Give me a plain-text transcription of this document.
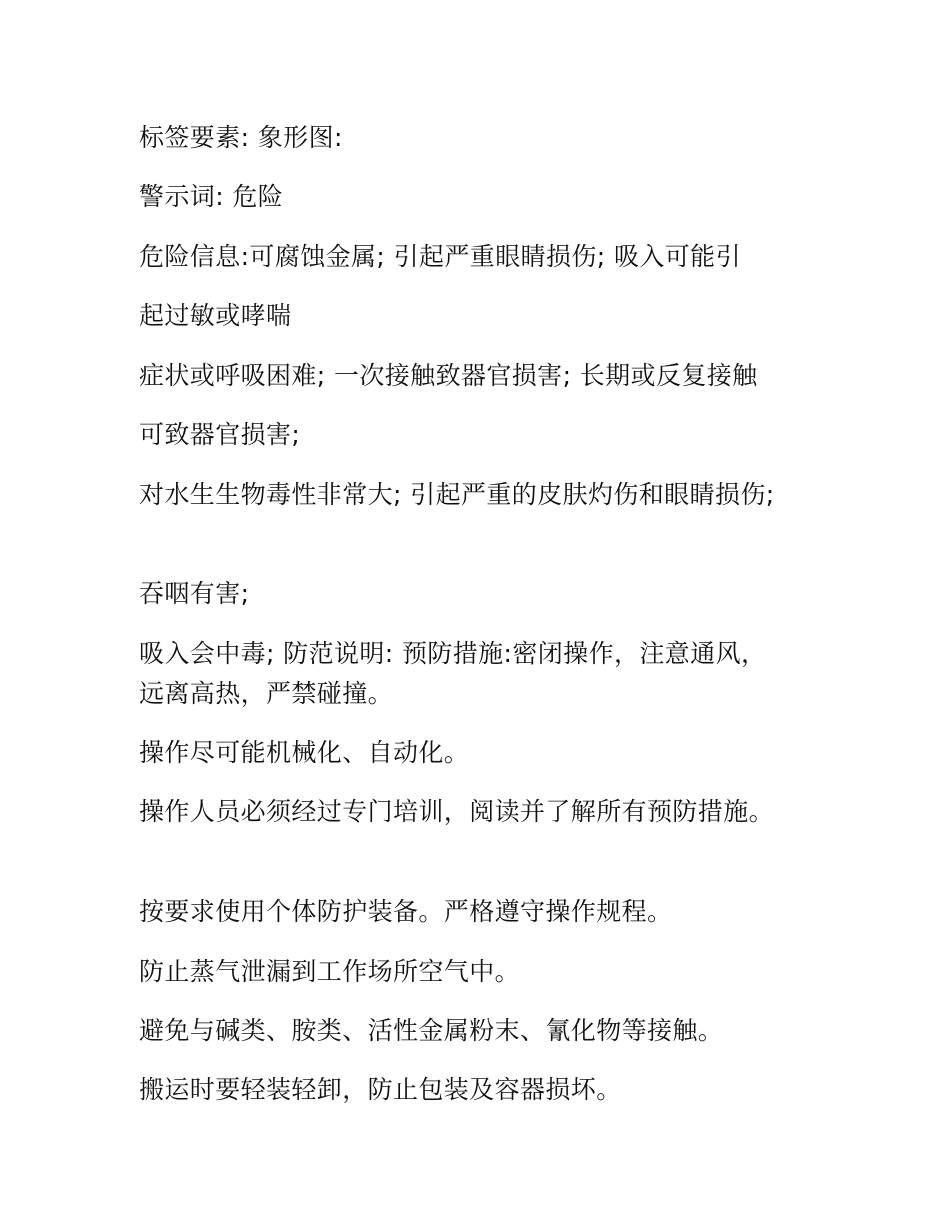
标签要素: 象形图:
警示词: 危险
危险信息:可腐蚀金属; 引起严重眼睛损伤; 吸入可能引
起过敏或哮喘
症状或呼吸困难; 一次接触致器官损害; 长期或反复接触
可致器官损害;
对水生生物毒性非常大; 引起严重的皮肤灼伤和眼睛损伤;
吞咽有害;
吸入会中毒; 防范说明: 预防措施:密闭操作，注意通风，
远离高热，严禁碰撞。
操作尽可能机械化、自动化。
操作人员必须经过专门培训，阅读并了解所有预防措施。
按要求使用个体防护装备。严格遵守操作规程。
防止蒸气泄漏到工作场所空气中。
避免与碱类、胺类、活性金属粉末、氰化物等接触。
搬运时要轻装轻卸，防止包装及容器损坏。
